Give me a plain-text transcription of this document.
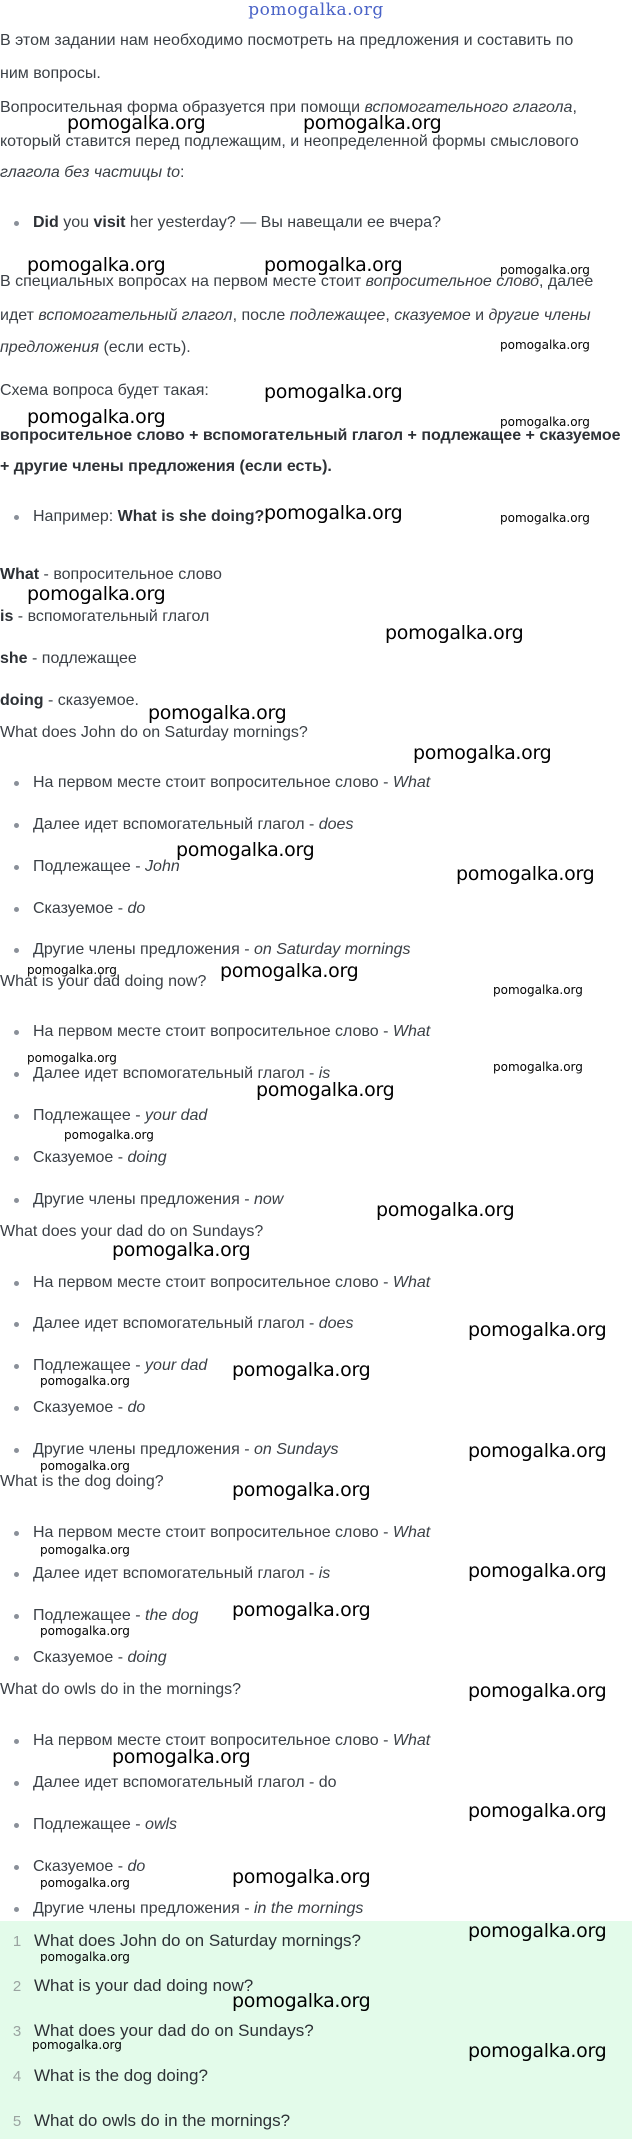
pomogalka.org
В этом задании нам необходимо посмотреть на предложения и составить по
ним вопросы.
Вопросительная форма образуется при помощи вспомогательного глагола,
который ставится перед подлежащим, и неопределенной формы смыслового
глагола без частицы to:
Did you visit her yesterday? — Вы навещали ее вчера?
В специальных вопросах на первом месте стоит вопросительное слово, далее
идет вспомогательный глагол, после подлежащее, сказуемое и другие члены
предложения (если есть).
Схема вопроса будет такая:
вопросительное слово + вспомогательный глагол + подлежащее + сказуемое
+ другие члены предложения (если есть).
Например: What is she doing?
What - вопросительное слово
is - вспомогательный глагол
she - подлежащее
doing - сказуемое.
What does John do on Saturday mornings?
На первом месте стоит вопросительное слово - What
Далее идет вспомогательный глагол - does
Подлежащее - John
Сказуемое - do
Другие члены предложения - on Saturday mornings
What is your dad doing now?
На первом месте стоит вопросительное слово - What
Далее идет вспомогательный глагол - is
Подлежащее - your dad
Сказуемое - doing
Другие члены предложения - now
What does your dad do on Sundays?
На первом месте стоит вопросительное слово - What
Далее идет вспомогательный глагол - does
Подлежащее - your dad
Сказуемое - do
Другие члены предложения - on Sundays
What is the dog doing?
На первом месте стоит вопросительное слово - What
Далее идет вспомогательный глагол - is
Подлежащее - the dog
Сказуемое - doing
What do owls do in the mornings?
На первом месте стоит вопросительное слово - What
Далее идет вспомогательный глагол - do
Подлежащее - owls
Сказуемое - do
Другие члены предложения - in the mornings
1 What does John do on Saturday mornings?
2 What is your dad doing now?
3 What does your dad do on Sundays?
4 What is the dog doing?
5 What do owls do in the mornings?
pomogalka.org	pomogalka.org
pomogalka.org	pomogalka.org	pomogalka.org
pomogalka.org
pomogalka.org
pomogalka.org	pomogalka.org
pomogalka.org	pomogalka.org
pomogalka.org
pomogalka.org
pomogalka.org
pomogalka.org
pomogalka.org
pomogalka.org
pomogalka.org
pomogalka.org
pomogalka.org
pomogalka.org
pomogalka.org
pomogalka.org
pomogalka.org
pomogalka.org
pomogalka.org
pomogalka.org
pomogalka.org
pomogalka.org
pomogalka.org
pomogalka.org
pomogalka.org
pomogalka.org
pomogalka.org
pomogalka.org
pomogalka.org
pomogalka.org
pomogalka.org
pomogalka.org
pomogalka.org
pomogalka.org
pomogalka.org
pomogalka.org
pomogalka.org
pomogalka.org	pomogalka.org
